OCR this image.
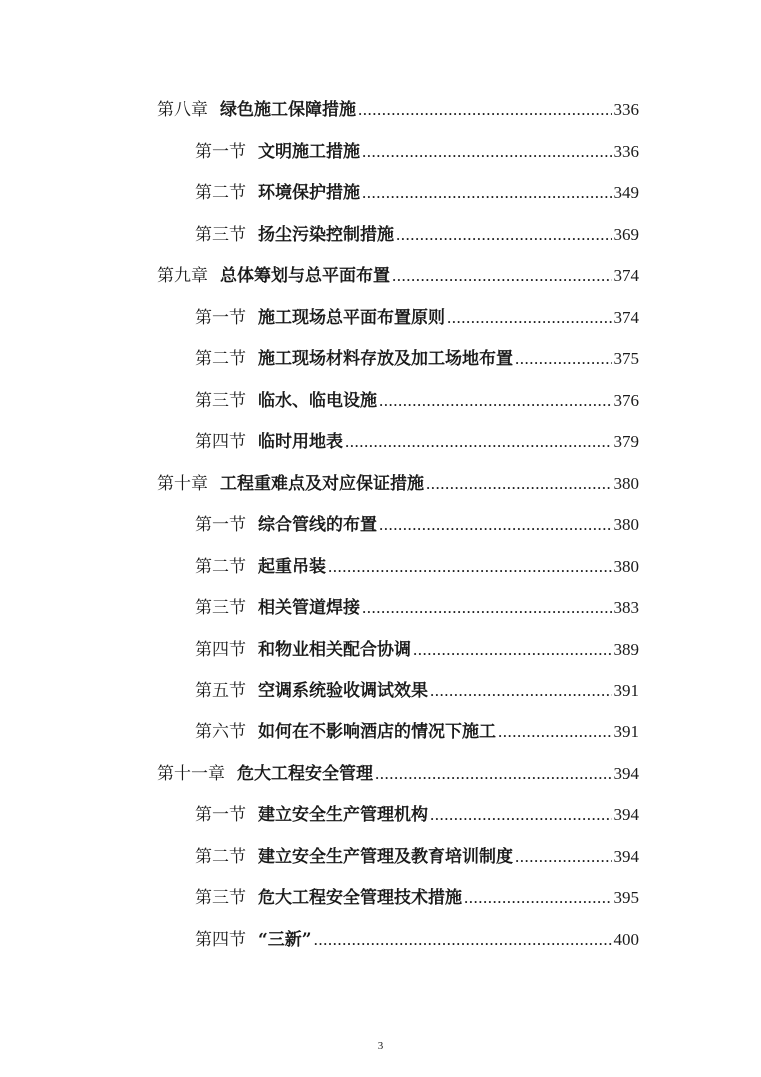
第八章 绿色施工保障措施 .....	336
第一节 文明施工措施 .....	336
第二节 环境保护措施 .....	349
第三节 扬尘污染控制措施 .....	369
第九章 总体筹划与总平面布置 .....	374
第一节 施工现场总平面布置原则 .....	374
第二节 施工现场材料存放及加工场地布置 .....	375
第三节 临水、临电设施 .....	376
第四节 临时用地表 .....	379
第十章 工程重难点及对应保证措施 .....	380
第一节 综合管线的布置 .....	380
第二节 起重吊装 .....	380
第三节 相关管道焊接 .....	383
第四节 和物业相关配合协调 .....	389
第五节 空调系统验收调试效果 .....	391
第六节 如何在不影响酒店的情况下施工 .....	391
第十一章 危大工程安全管理 .....	394
第一节 建立安全生产管理机构 .....	394
第二节 建立安全生产管理及教育培训制度 .....	394
第三节 危大工程安全管理技术措施 .....	395
第四节 “三新” .....	400
3
